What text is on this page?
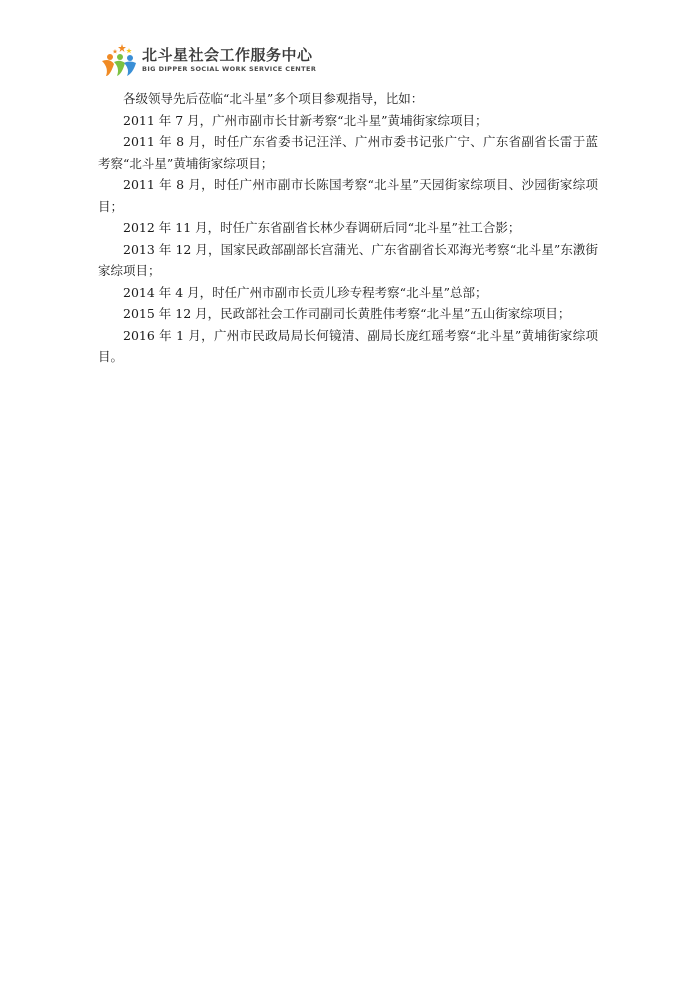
北斗星社会工作服务中心
BIG DIPPER SOCIAL WORK SERVICE CENTER

各级领导先后莅临“北斗星”多个项目参观指导，比如：

2011 年 7 月，广州市副市长甘新考察“北斗星”黄埔街家综项目；

2011 年 8 月，时任广东省委书记汪洋、广州市委书记张广宁、广东省副省长雷于蓝考察“北斗星”黄埔街家综项目；

2011 年 8 月，时任广州市副市长陈国考察“北斗星”天园街家综项目、沙园街家综项目；

2012 年 11 月，时任广东省副省长林少春调研后同“北斗星”社工合影；

2013 年 12 月，国家民政部副部长宫蒲光、广东省副省长邓海光考察“北斗星”东漖街家综项目；

2014 年 4 月，时任广州市副市长贡儿珍专程考察“北斗星”总部；

2015 年 12 月，民政部社会工作司副司长黄胜伟考察“北斗星”五山街家综项目；

2016 年 1 月，广州市民政局局长何镜清、副局长庞红瑶考察“北斗星”黄埔街家综项目。
